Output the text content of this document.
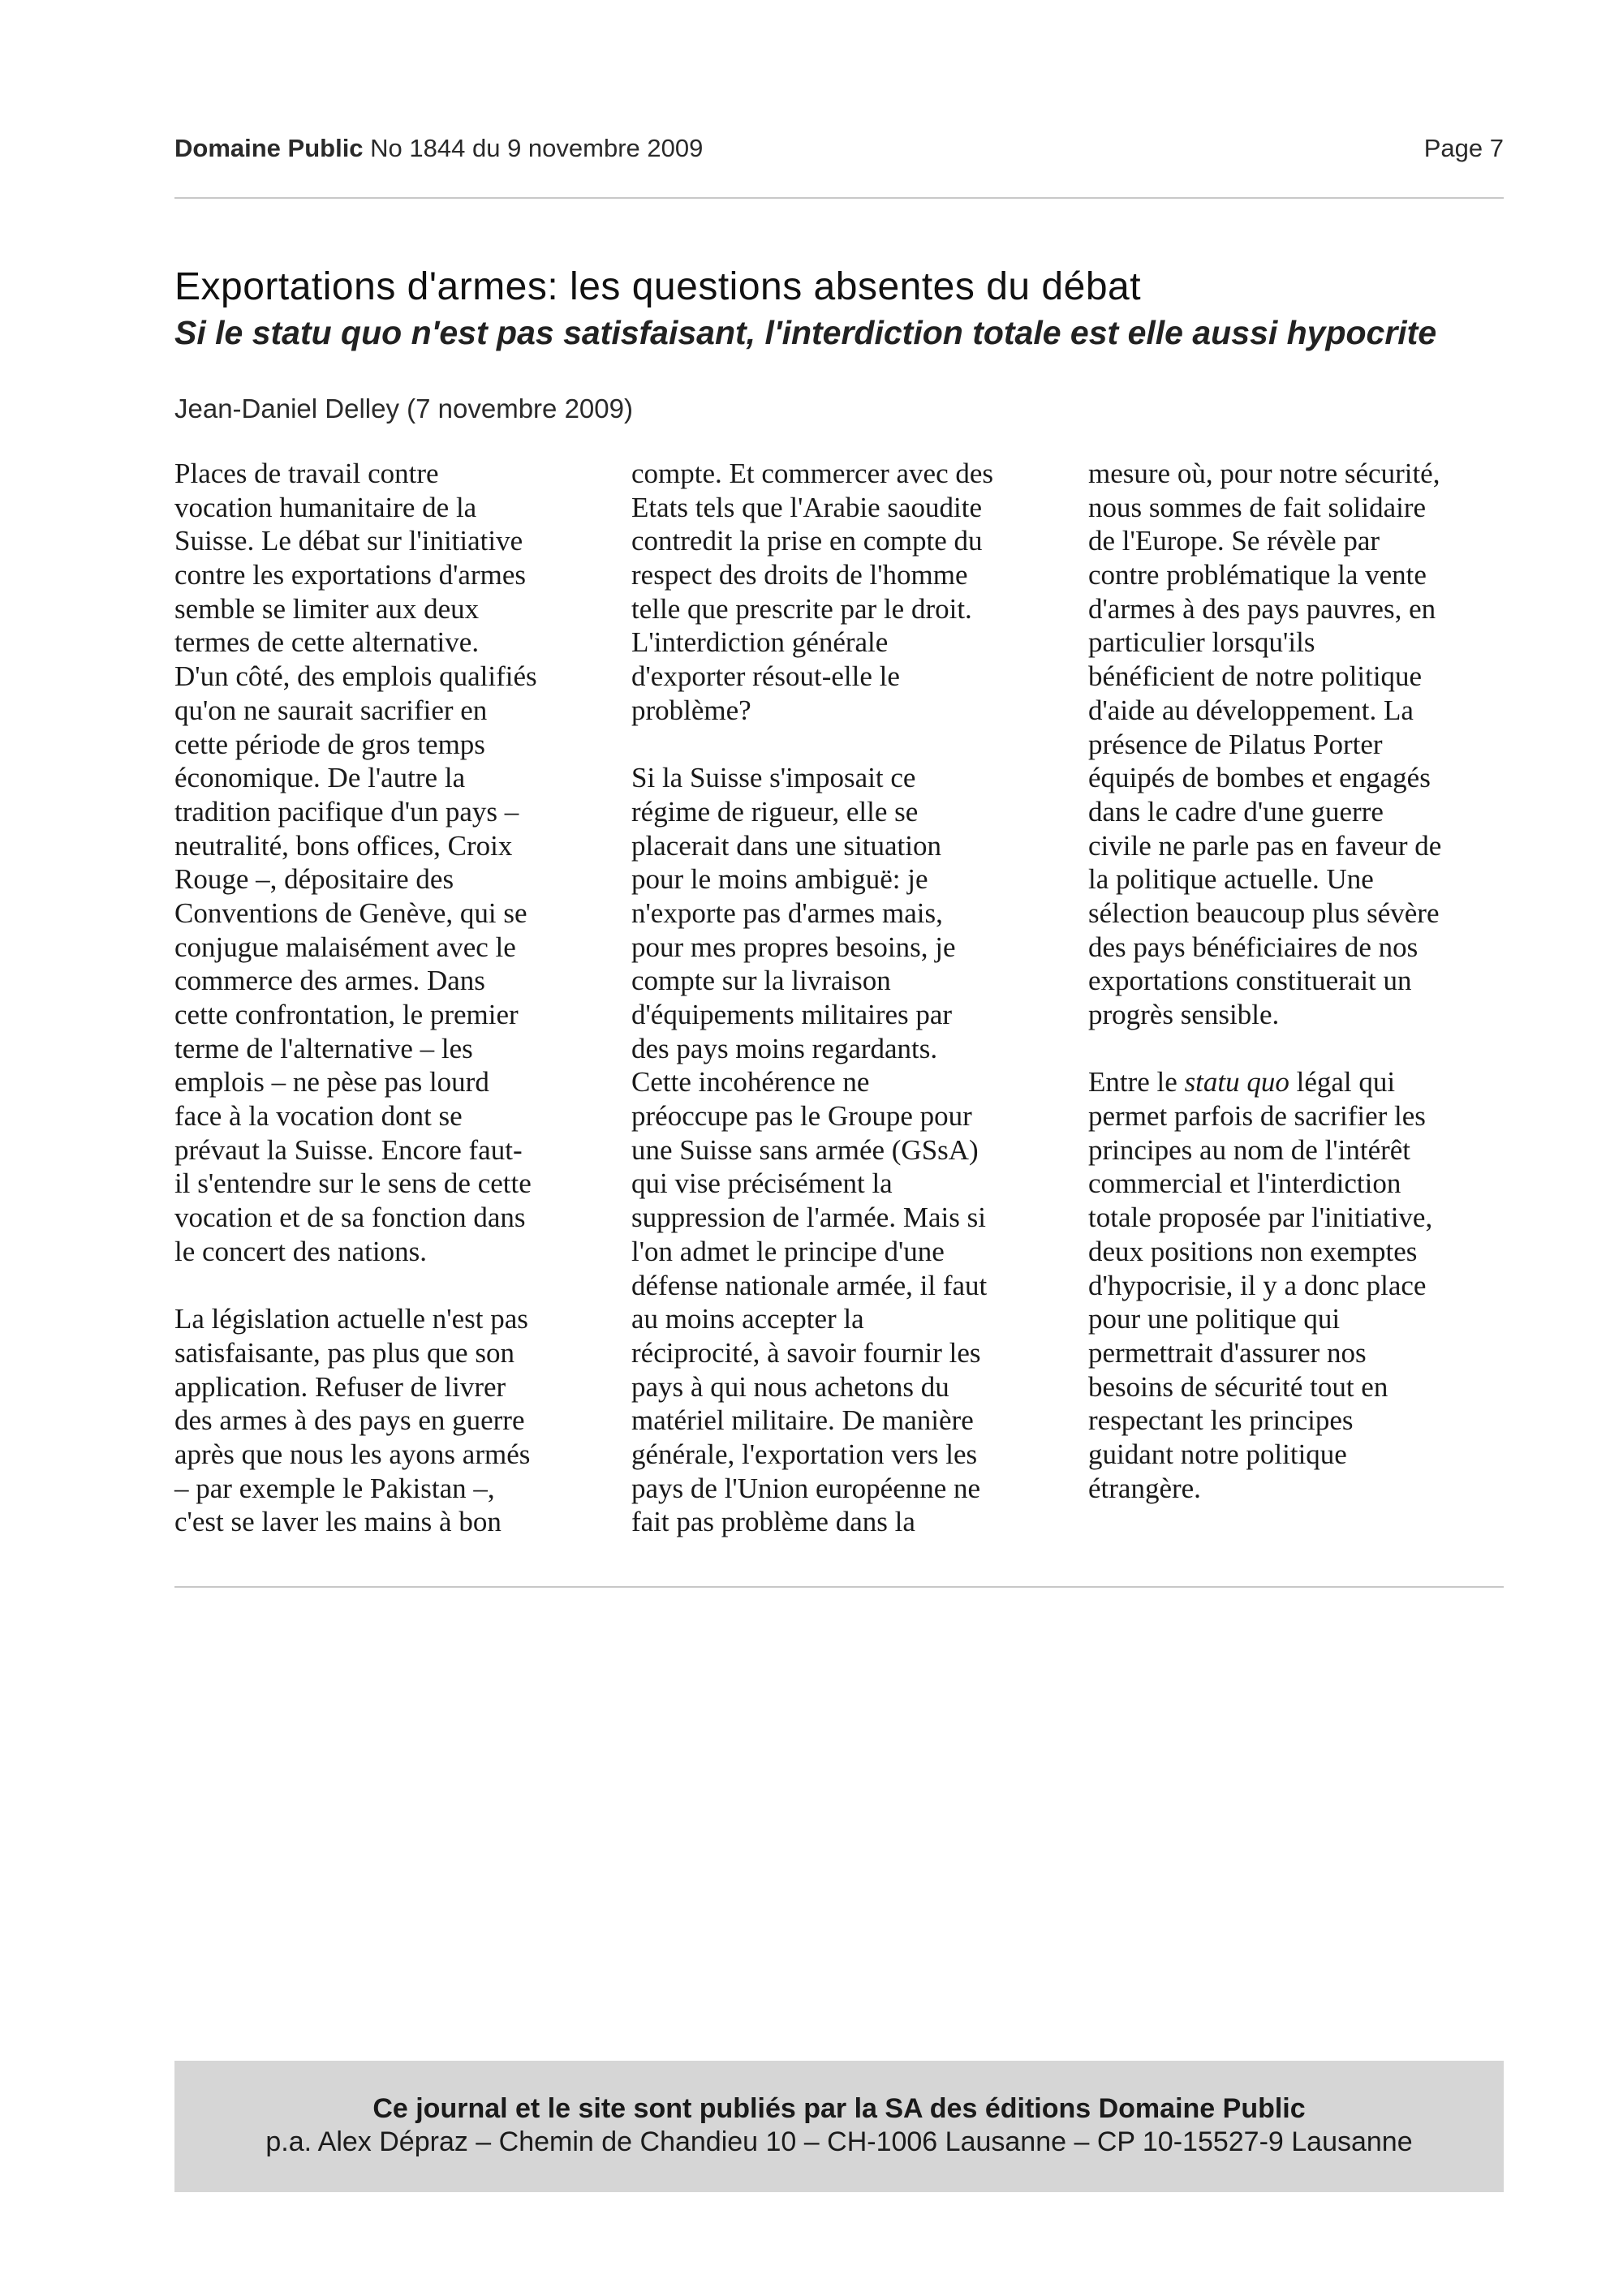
Domaine Public No 1844 du 9 novembre 2009	Page 7
Exportations d'armes: les questions absentes du débat
Si le statu quo n'est pas satisfaisant, l'interdiction totale est elle aussi hypocrite
Jean-Daniel Delley (7 novembre 2009)
Places de travail contre
vocation humanitaire de la
Suisse. Le débat sur l'initiative
contre les exportations d'armes
semble se limiter aux deux
termes de cette alternative.
D'un côté, des emplois qualifiés
qu'on ne saurait sacrifier en
cette période de gros temps
économique. De l'autre la
tradition pacifique d'un pays –
neutralité, bons offices, Croix
Rouge –, dépositaire des
Conventions de Genève, qui se
conjugue malaisément avec le
commerce des armes. Dans
cette confrontation, le premier
terme de l'alternative – les
emplois – ne pèse pas lourd
face à la vocation dont se
prévaut la Suisse. Encore faut-
il s'entendre sur le sens de cette
vocation et de sa fonction dans
le concert des nations.
La législation actuelle n'est pas
satisfaisante, pas plus que son
application. Refuser de livrer
des armes à des pays en guerre
après que nous les ayons armés
– par exemple le Pakistan –,
c'est se laver les mains à bon
compte. Et commercer avec des
Etats tels que l'Arabie saoudite
contredit la prise en compte du
respect des droits de l'homme
telle que prescrite par le droit.
L'interdiction générale
d'exporter résout-elle le
problème?
Si la Suisse s'imposait ce
régime de rigueur, elle se
placerait dans une situation
pour le moins ambiguë: je
n'exporte pas d'armes mais,
pour mes propres besoins, je
compte sur la livraison
d'équipements militaires par
des pays moins regardants.
Cette incohérence ne
préoccupe pas le Groupe pour
une Suisse sans armée (GSsA)
qui vise précisément la
suppression de l'armée. Mais si
l'on admet le principe d'une
défense nationale armée, il faut
au moins accepter la
réciprocité, à savoir fournir les
pays à qui nous achetons du
matériel militaire. De manière
générale, l'exportation vers les
pays de l'Union européenne ne
fait pas problème dans la
mesure où, pour notre sécurité,
nous sommes de fait solidaire
de l'Europe. Se révèle par
contre problématique la vente
d'armes à des pays pauvres, en
particulier lorsqu'ils
bénéficient de notre politique
d'aide au développement. La
présence de Pilatus Porter
équipés de bombes et engagés
dans le cadre d'une guerre
civile ne parle pas en faveur de
la politique actuelle. Une
sélection beaucoup plus sévère
des pays bénéficiaires de nos
exportations constituerait un
progrès sensible.
Entre le statu quo légal qui
permet parfois de sacrifier les
principes au nom de l'intérêt
commercial et l'interdiction
totale proposée par l'initiative,
deux positions non exemptes
d'hypocrisie, il y a donc place
pour une politique qui
permettrait d'assurer nos
besoins de sécurité tout en
respectant les principes
guidant notre politique
étrangère.
Ce journal et le site sont publiés par la SA des éditions Domaine Public
p.a. Alex Dépraz – Chemin de Chandieu 10 – CH-1006 Lausanne – CP 10-15527-9 Lausanne
